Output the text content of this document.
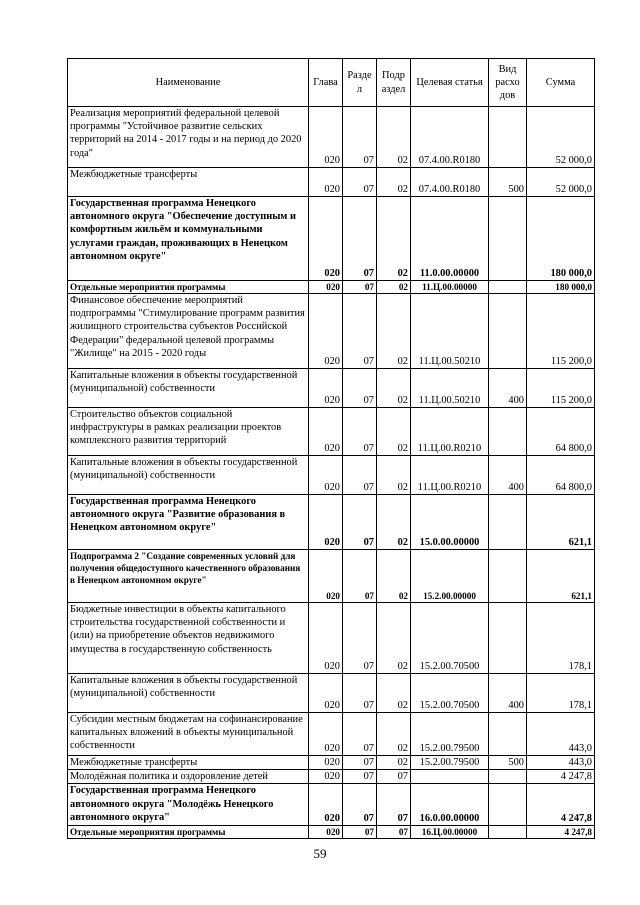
Наименование	Глава	Разде л	Подр аздел	Целевая статья	Вид расхо дов	Сумма
Реализация мероприятий федеральной целевой программы "Устойчивое развитие сельских территорий на 2014 - 2017 годы и на период до 2020 года"	020	07	02	07.4.00.R0180		52 000,0
Межбюджетные трансферты	020	07	02	07.4.00.R0180	500	52 000,0
Государственная программа Ненецкого автономного округа "Обеспечение доступным и комфортным жильём и коммунальными услугами граждан, проживающих в Ненецком автономном округе"	020	07	02	11.0.00.00000		180 000,0
Отдельные мероприятия программы	020	07	02	11.Ц.00.00000		180 000,0
Финансовое обеспечение мероприятий подпрограммы "Стимулирование программ развития жилищного строительства субъектов Российской Федерации" федеральной целевой программы "Жилище" на 2015 - 2020 годы	020	07	02	11.Ц.00.50210		115 200,0
Капитальные вложения в объекты государственной (муниципальной) собственности	020	07	02	11.Ц.00.50210	400	115 200,0
Строительство объектов социальной инфраструктуры в рамках реализации проектов комплексного развития территорий	020	07	02	11.Ц.00.R0210		64 800,0
Капитальные вложения в объекты государственной (муниципальной) собственности	020	07	02	11.Ц.00.R0210	400	64 800,0
Государственная программа Ненецкого автономного округа "Развитие образования в Ненецком автономном округе"	020	07	02	15.0.00.00000		621,1
Подпрограмма 2 "Создание современных условий для получения общедоступного качественного образования в Ненецком автономном округе"	020	07	02	15.2.00.00000		621,1
Бюджетные инвестиции в объекты капитального строительства государственной собственности и (или) на приобретение объектов недвижимого имущества в государственную собственность	020	07	02	15.2.00.70500		178,1
Капитальные вложения в объекты государственной (муниципальной) собственности	020	07	02	15.2.00.70500	400	178,1
Субсидии местным бюджетам на софинансирование капитальных вложений в объекты муниципальной собственности	020	07	02	15.2.00.79500		443,0
Межбюджетные трансферты	020	07	02	15.2.00.79500	500	443,0
Молодёжная политика и оздоровление детей	020	07	07			4 247,8
Государственная программа Ненецкого автономного округа "Молодёжь Ненецкого автономного округа"	020	07	07	16.0.00.00000		4 247,8
Отдельные мероприятия программы	020	07	07	16.Ц.00.00000		4 247,8
59
